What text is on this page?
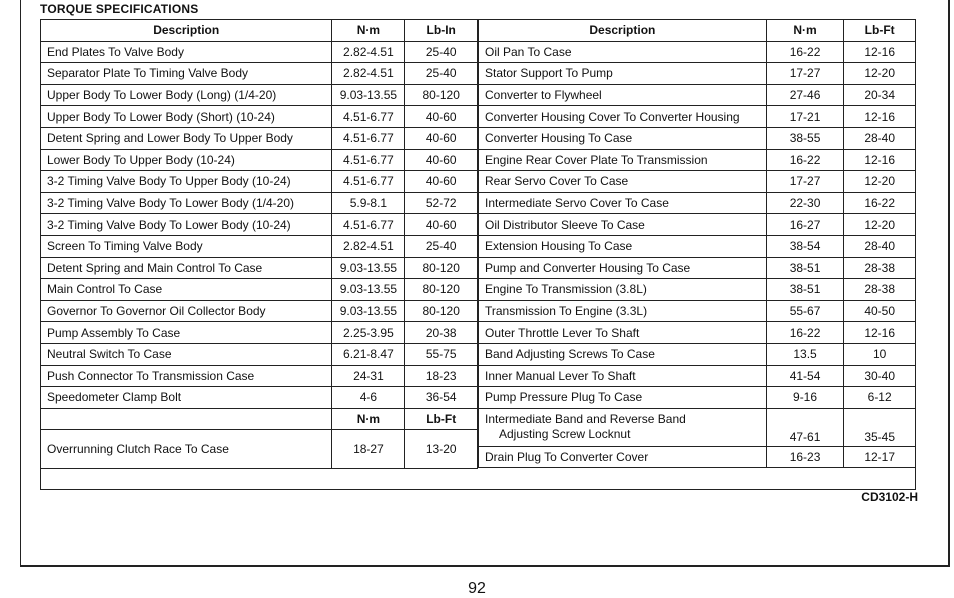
TORQUE SPECIFICATIONS
Description	N·m	Lb-In
End Plates To Valve Body	2.82-4.51	25-40
Separator Plate To Timing Valve Body	2.82-4.51	25-40
Upper Body To Lower Body (Long) (1/4-20)	9.03-13.55	80-120
Upper Body To Lower Body (Short) (10-24)	4.51-6.77	40-60
Detent Spring and Lower Body To Upper Body	4.51-6.77	40-60
Lower Body To Upper Body (10-24)	4.51-6.77	40-60
3-2 Timing Valve Body To Upper Body (10-24)	4.51-6.77	40-60
3-2 Timing Valve Body To Lower Body (1/4-20)	5.9-8.1	52-72
3-2 Timing Valve Body To Lower Body (10-24)	4.51-6.77	40-60
Screen To Timing Valve Body	2.82-4.51	25-40
Detent Spring and Main Control To Case	9.03-13.55	80-120
Main Control To Case	9.03-13.55	80-120
Governor To Governor Oil Collector Body	9.03-13.55	80-120
Pump Assembly To Case	2.25-3.95	20-38
Neutral Switch To Case	6.21-8.47	55-75
Push Connector To Transmission Case	24-31	18-23
Speedometer Clamp Bolt	4-6	36-54
	N·m	Lb-Ft
Overrunning Clutch Race To Case	18-27	13-20
Description	N·m	Lb-Ft
Oil Pan To Case	16-22	12-16
Stator Support To Pump	17-27	12-20
Converter to Flywheel	27-46	20-34
Converter Housing Cover To Converter Housing	17-21	12-16
Converter Housing To Case	38-55	28-40
Engine Rear Cover Plate To Transmission	16-22	12-16
Rear Servo Cover To Case	17-27	12-20
Intermediate Servo Cover To Case	22-30	16-22
Oil Distributor Sleeve To Case	16-27	12-20
Extension Housing To Case	38-54	28-40
Pump and Converter Housing To Case	38-51	28-38
Engine To Transmission (3.8L)	38-51	28-38
Transmission To Engine (3.3L)	55-67	40-50
Outer Throttle Lever To Shaft	16-22	12-16
Band Adjusting Screws To Case	13.5	10
Inner Manual Lever To Shaft	41-54	30-40
Pump Pressure Plug To Case	9-16	6-12

Intermediate Band and Reverse Band
Adjusting Screw Locknut	47-61	35-45
Drain Plug To Converter Cover	16-23	12-17
CD3102-H
92
